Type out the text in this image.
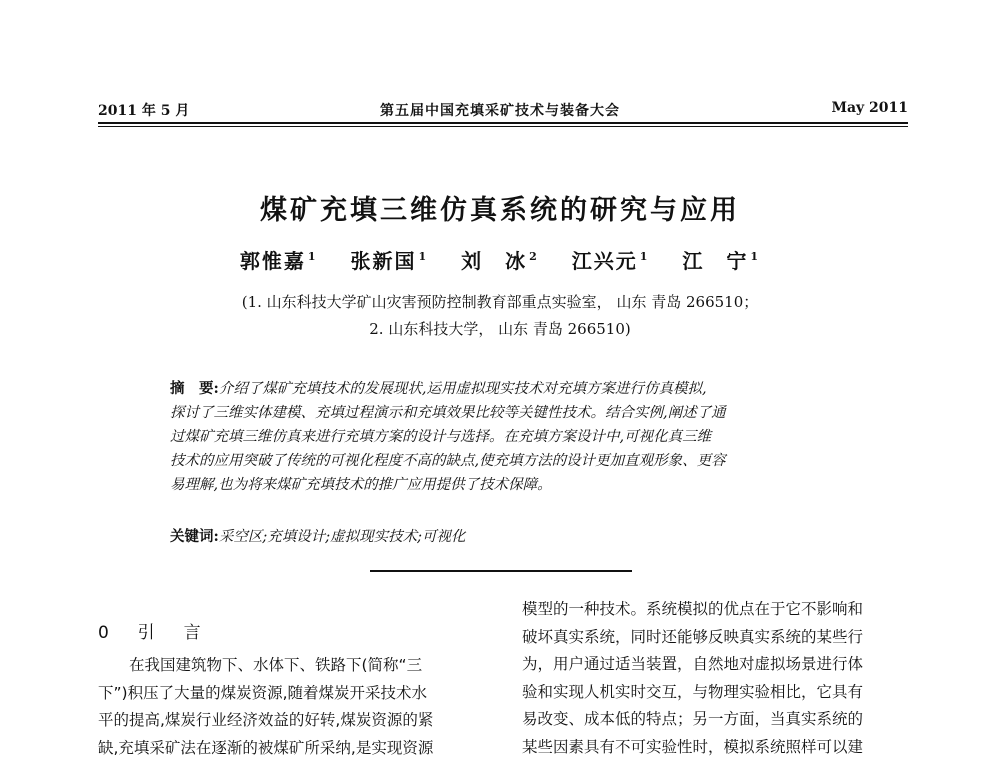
2011 年 5 月	第五届中国充填采矿技术与装备大会	May 2011
煤矿充填三维仿真系统的研究与应用
郭惟嘉 $^1$ 张新国 $^1$ 刘　冰 $^2$ 江兴元 $^1$ 江　宁 $^1$
(1. 山东科技大学矿山灾害预防控制教育部重点实验室， 山东 青岛 266510；
2. 山东科技大学， 山东 青岛 266510)
摘　要:介绍了煤矿充填技术的发展现状,运用虚拟现实技术对充填方案进行仿真模拟,
探讨了三维实体建模、充填过程演示和充填效果比较等关键性技术。结合实例,阐述了通
过煤矿充填三维仿真来进行充填方案的设计与选择。在充填方案设计中,可视化真三维
技术的应用突破了传统的可视化程度不高的缺点,使充填方法的设计更加直观形象、更容
易理解,也为将来煤矿充填技术的推广应用提供了技术保障。
关键词:采空区;充填设计;虚拟现实技术;可视化
0 引　言
　　在我国建筑物下、水体下、铁路下(简称“三
下”)积压了大量的煤炭资源,随着煤炭开采技术水
平的提高,煤炭行业经济效益的好转,煤炭资源的紧
缺,充填采矿法在逐渐的被煤矿所采纳,是实现资源
模型的一种技术。系统模拟的优点在于它不影响和
破坏真实系统，同时还能够反映真实系统的某些行
为，用户通过适当装置，自然地对虚拟场景进行体
验和实现人机实时交互，与物理实验相比，它具有
易改变、成本低的特点；另一方面，当真实系统的
某些因素具有不可实验性时，模拟系统照样可以建
